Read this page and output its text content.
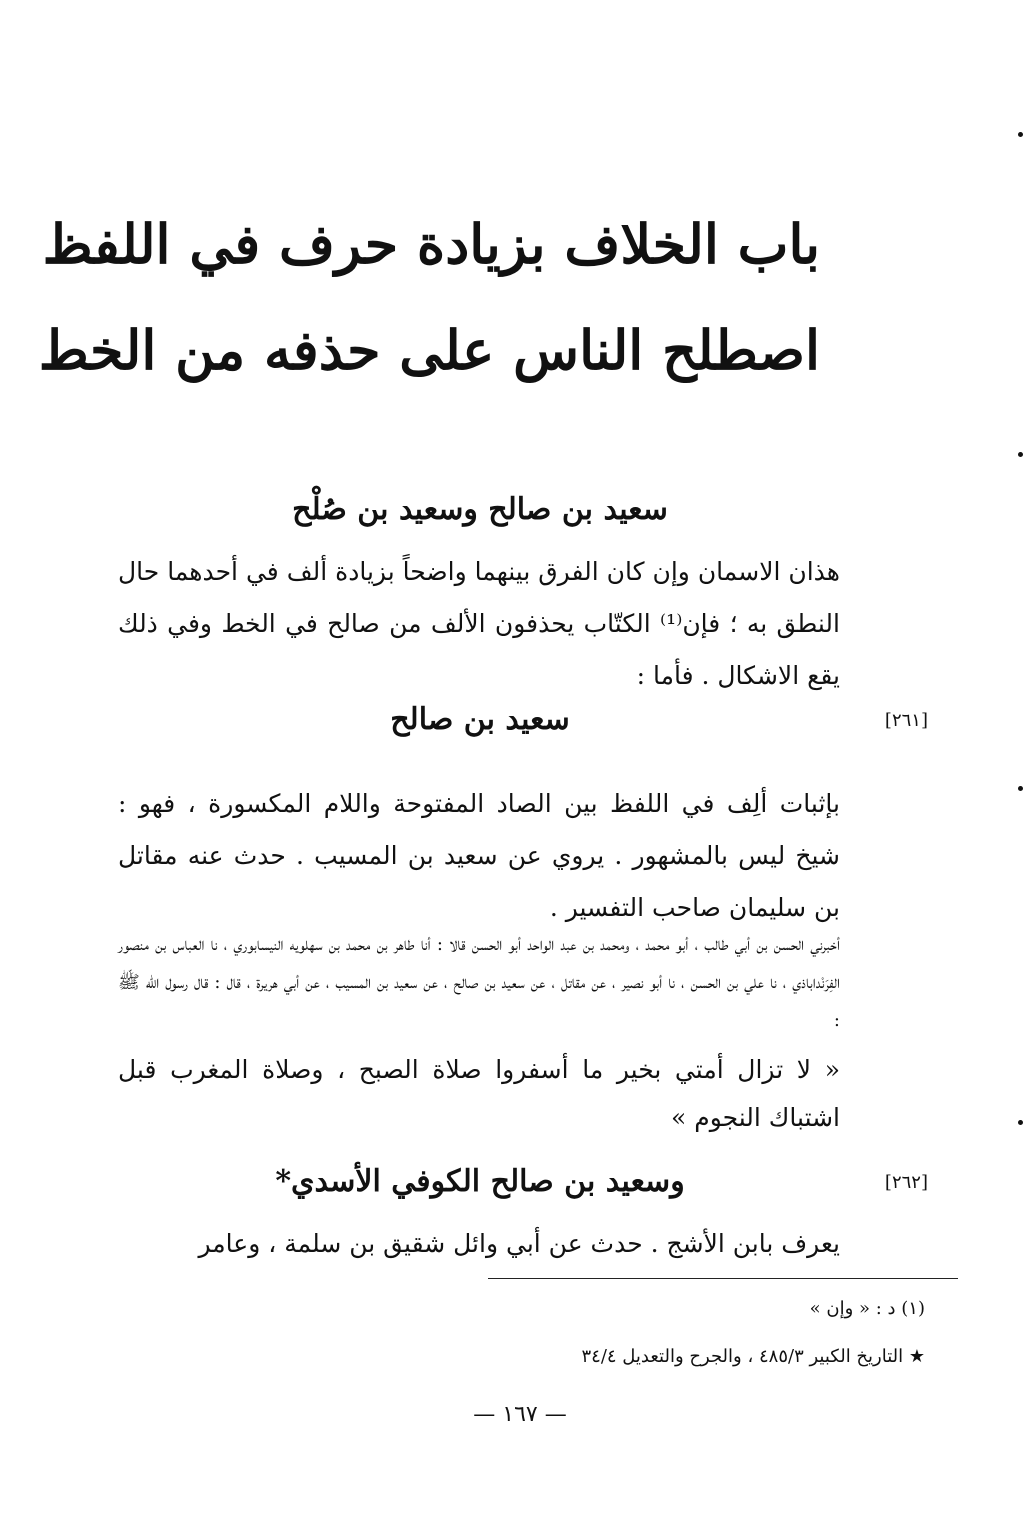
باب الخلاف بزيادة حرف في اللفظ
اصطلح الناس على حذفه من الخط
سعيد بن صالح وسعيد بن صُلْح
هذان الاسمان وإن كان الفرق بينهما واضحاً بزيادة ألف في أحدهما حال النطق به ؛ فإن⁽¹⁾ الكتّاب يحذفون الألف من صالح في الخط وفي ذلك يقع الاشكال . فأما :
[٢٦١]
سعيد بن صالح
بإثبات ألِف في اللفظ بين الصاد المفتوحة واللام المكسورة ، فهو : شيخ ليس بالمشهور . يروي عن سعيد بن المسيب . حدث عنه مقاتل بن سليمان صاحب التفسير .
أخبرني الحسن بن أبي طالب ، أبو محمد ، ومحمد بن عبد الواحد أبو الحسن قالا : أنا طاهر بن محمد بن سهلويه النيسابوري ، نا العباس بن منصور الفِرَنْداباذي ، نا علي بن الحسن ، نا أبو نصير ، عن مقاتل ، عن سعيد بن صالح ، عن سعيد بن المسيب ، عن أبي هريرة ، قال : قال رسول الله ﷺ :
« لا تزال أمتي بخير ما أسفروا صلاة الصبح ، وصلاة المغرب قبل اشتباك النجوم »
[٢٦٢]
وسعيد بن صالح الكوفي الأسدي*
يعرف بابن الأشج . حدث عن أبي وائل شقيق بن سلمة ، وعامر
(١) د : « وإن »
★ التاريخ الكبير ٤٨٥/٣ ، والجرح والتعديل ٣٤/٤
— ١٦٧ —
